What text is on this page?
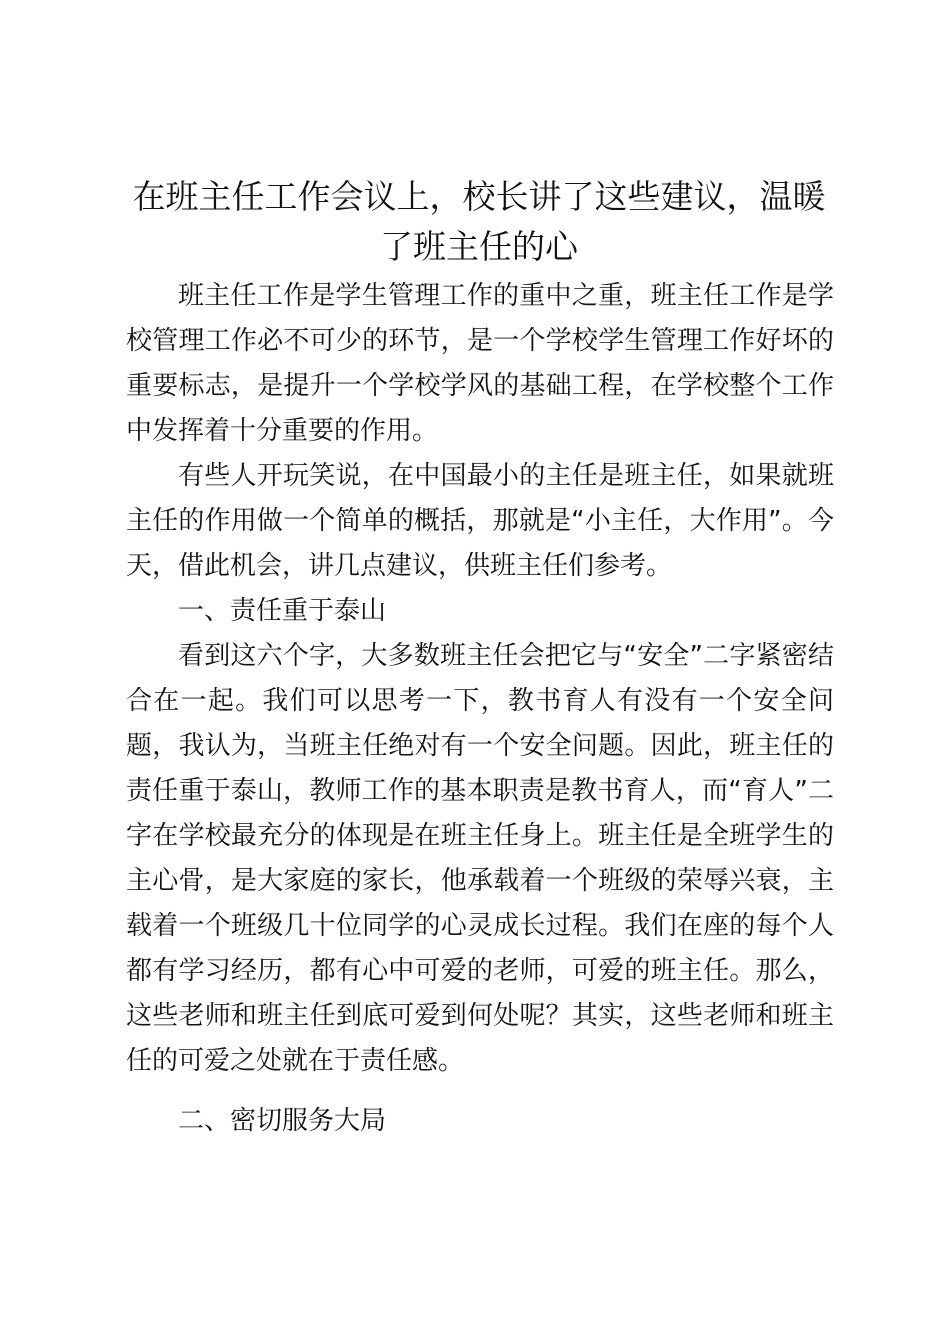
在班主任工作会议上，校长讲了这些建议，温暖了班主任的心

班主任工作是学生管理工作的重中之重，班主任工作是学校管理工作必不可少的环节，是一个学校学生管理工作好坏的重要标志，是提升一个学校学风的基础工程，在学校整个工作中发挥着十分重要的作用。

有些人开玩笑说，在中国最小的主任是班主任，如果就班主任的作用做一个简单的概括，那就是“小主任，大作用”。今天，借此机会，讲几点建议，供班主任们参考。

一、责任重于泰山

看到这六个字，大多数班主任会把它与“安全”二字紧密结合在一起。我们可以思考一下，教书育人有没有一个安全问题，我认为，当班主任绝对有一个安全问题。因此，班主任的责任重于泰山，教师工作的基本职责是教书育人，而“育人”二字在学校最充分的体现是在班主任身上。班主任是全班学生的主心骨，是大家庭的家长，他承载着一个班级的荣辱兴衰，主载着一个班级几十位同学的心灵成长过程。我们在座的每个人都有学习经历，都有心中可爱的老师，可爱的班主任。那么，这些老师和班主任到底可爱到何处呢？其实，这些老师和班主任的可爱之处就在于责任感。

二、密切服务大局
